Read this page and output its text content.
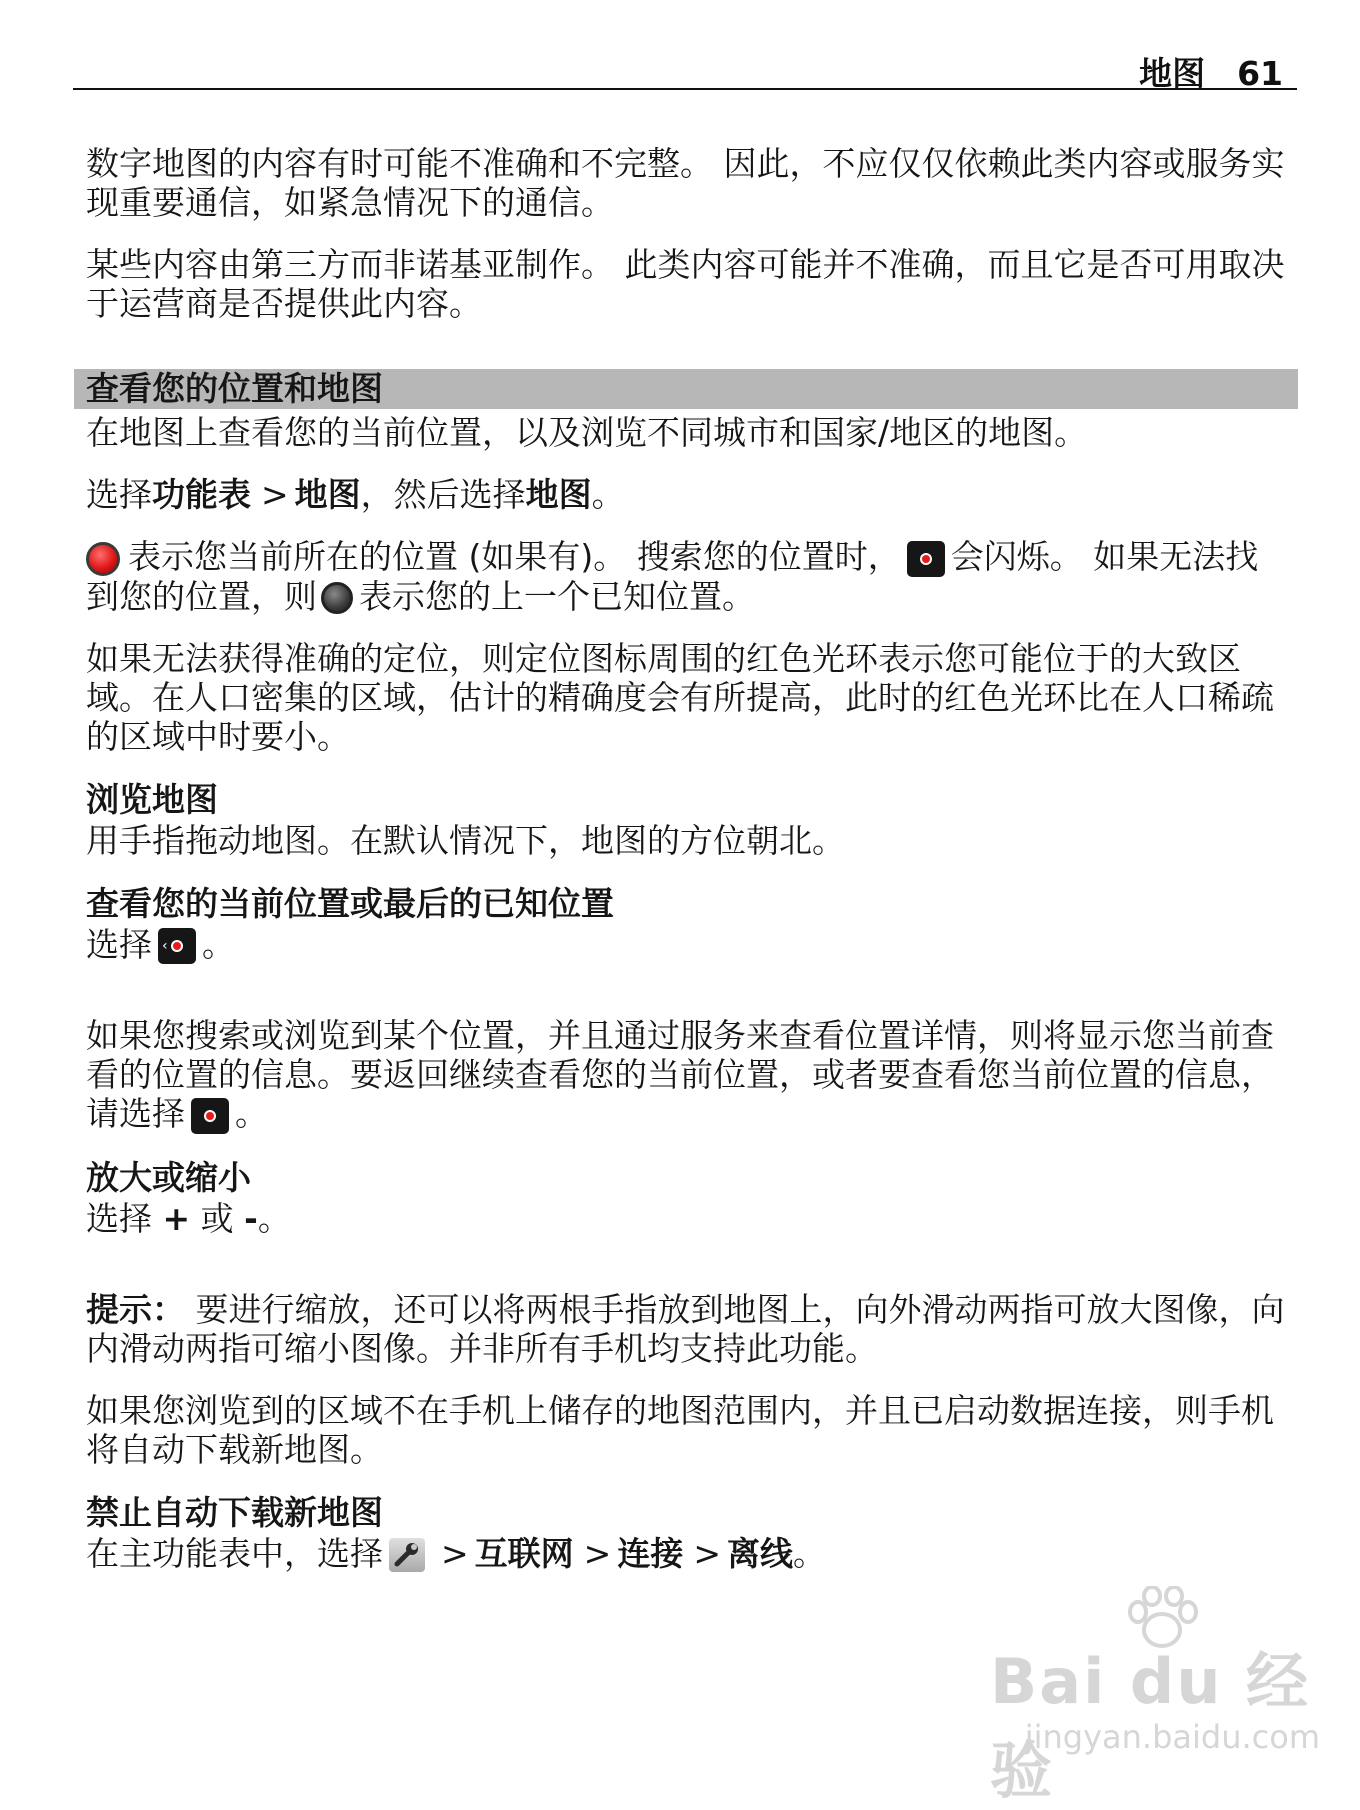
地图 61

数字地图的内容有时可能不准确和不完整。 因此，不应仅仅依赖此类内容或服务实现重要通信，如紧急情况下的通信。

某些内容由第三方而非诺基亚制作。 此类内容可能并不准确，而且它是否可用取决于运营商是否提供此内容。

查看您的位置和地图

在地图上查看您的当前位置，以及浏览不同城市和国家/地区的地图。

选择功能表 > 地图，然后选择地图。

表示您当前所在的位置 (如果有)。 搜索您的位置时， 会闪烁。 如果无法找到您的位置，则 表示您的上一个已知位置。

如果无法获得准确的定位，则定位图标周围的红色光环表示您可能位于的大致区域。在人口密集的区域，估计的精确度会有所提高，此时的红色光环比在人口稀疏的区域中时要小。

浏览地图

用手指拖动地图。在默认情况下，地图的方位朝北。

查看您的当前位置或最后的已知位置

选择 ‹ 。

如果您搜索或浏览到某个位置，并且通过服务来查看位置详情，则将显示您当前查看的位置的信息。要返回继续查看您的当前位置，或者要查看您当前位置的信息，请选择 。

放大或缩小

选择 + 或 -。

提示： 要进行缩放，还可以将两根手指放到地图上，向外滑动两指可放大图像，向内滑动两指可缩小图像。并非所有手机均支持此功能。

如果您浏览到的区域不在手机上储存的地图范围内，并且已启动数据连接，则手机将自动下载新地图。

禁止自动下载新地图

在主功能表中，选择 > 互联网 > 连接 > 离线。

Bai du 经验
jingyan.baidu.com
